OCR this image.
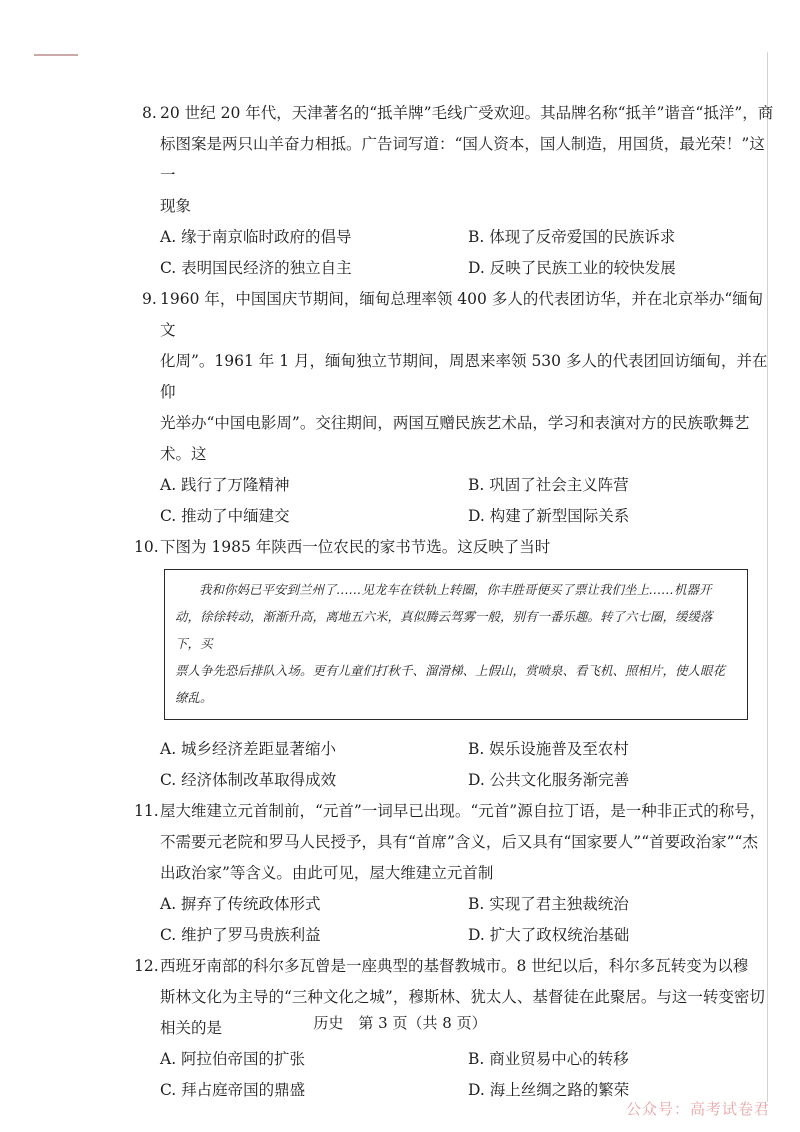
8. 20 世纪 20 年代，天津著名的“抵羊牌”毛线广受欢迎。其品牌名称“抵羊”谐音“抵洋”，商

标图案是两只山羊奋力相抵。广告词写道：“国人资本，国人制造，用国货，最光荣！”这一

现象

A. 缘于南京临时政府的倡导	B. 体现了反帝爱国的民族诉求
C. 表明国民经济的独立自主	D. 反映了民族工业的较快发展
9. 1960 年，中国国庆节期间，缅甸总理率领 400 多人的代表团访华，并在北京举办“缅甸文

化周”。1961 年 1 月，缅甸独立节期间，周恩来率领 530 多人的代表团回访缅甸，并在仰

光举办“中国电影周”。交往期间，两国互赠民族艺术品，学习和表演对方的民族歌舞艺

术。这

A. 践行了万隆精神	B. 巩固了社会主义阵营
C. 推动了中缅建交	D. 构建了新型国际关系
10. 下图为 1985 年陕西一位农民的家书节选。这反映了当时

我和你妈已平安到兰州了……见龙车在铁轨上转圈，你丰胜哥便买了票让我们坐上……机器开
动，徐徐转动，渐渐升高，离地五六米，真似腾云驾雾一般，别有一番乐趣。转了六七圈，缓缓落下，买
票人争先恐后排队入场。更有儿童们打秋千、溜滑梯、上假山，赏喷泉、看飞机、照相片，使人眼花
缭乱。
A. 城乡经济差距显著缩小	B. 娱乐设施普及至农村
C. 经济体制改革取得成效	D. 公共文化服务渐完善
11. 屋大维建立元首制前，“元首”一词早已出现。“元首”源自拉丁语，是一种非正式的称号，

不需要元老院和罗马人民授予，具有“首席”含义，后又具有“国家要人”“首要政治家”“杰

出政治家”等含义。由此可见，屋大维建立元首制

A. 摒弃了传统政体形式	B. 实现了君主独裁统治
C. 维护了罗马贵族利益	D. 扩大了政权统治基础
12. 西班牙南部的科尔多瓦曾是一座典型的基督教城市。8 世纪以后，科尔多瓦转变为以穆

斯林文化为主导的“三种文化之城”，穆斯林、犹太人、基督徒在此聚居。与这一转变密切

相关的是

A. 阿拉伯帝国的扩张	B. 商业贸易中心的转移
C. 拜占庭帝国的鼎盛	D. 海上丝绸之路的繁荣
历史　第 3 页（共 8 页）
公众号：高考试卷君
